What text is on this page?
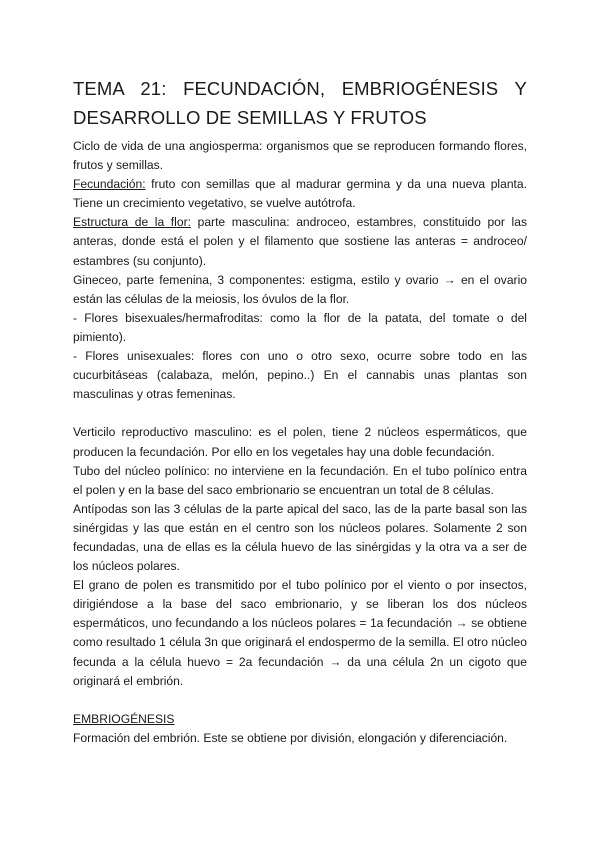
TEMA 21: FECUNDACIÓN, EMBRIOGÉNESIS Y
DESARROLLO DE SEMILLAS Y FRUTOS

Ciclo de vida de una angiosperma: organismos que se reproducen formando flores, frutos y semillas.

Fecundación: fruto con semillas que al madurar germina y da una nueva planta. Tiene un crecimiento vegetativo, se vuelve autótrofa.

Estructura de la flor: parte masculina: androceo, estambres, constituido por las anteras, donde está el polen y el filamento que sostiene las anteras = androceo/ estambres (su conjunto).

Gineceo, parte femenina, 3 componentes: estigma, estilo y ovario → en el ovario están las células de la meiosis, los óvulos de la flor.

- Flores bisexuales/hermafroditas: como la flor de la patata, del tomate o del pimiento).

- Flores unisexuales: flores con uno o otro sexo, ocurre sobre todo en las cucurbitáseas (calabaza, melón, pepino..) En el cannabis unas plantas son masculinas y otras femeninas.

Verticilo reproductivo masculino: es el polen, tiene 2 núcleos espermáticos, que producen la fecundación. Por ello en los vegetales hay una doble fecundación.

Tubo del núcleo polínico: no interviene en la fecundación. En el tubo polínico entra el polen y en la base del saco embrionario se encuentran un total de 8 células.

Antípodas son las 3 células de la parte apical del saco, las de la parte basal son las sinérgidas y las que están en el centro son los núcleos polares. Solamente 2 son fecundadas, una de ellas es la célula huevo de las sinérgidas y la otra va a ser de los núcleos polares.

El grano de polen es transmitido por el tubo polínico por el viento o por insectos, dirigiéndose a la base del saco embrionario, y se liberan los dos núcleos espermáticos, uno fecundando a los núcleos polares = 1a fecundación → se obtiene como resultado 1 célula 3n que originará el endospermo de la semilla. El otro núcleo fecunda a la célula huevo = 2a fecundación → da una célula 2n un cigoto que originará el embrión.

EMBRIOGÉNESIS

Formación del embrión. Este se obtiene por división, elongación y diferenciación.
